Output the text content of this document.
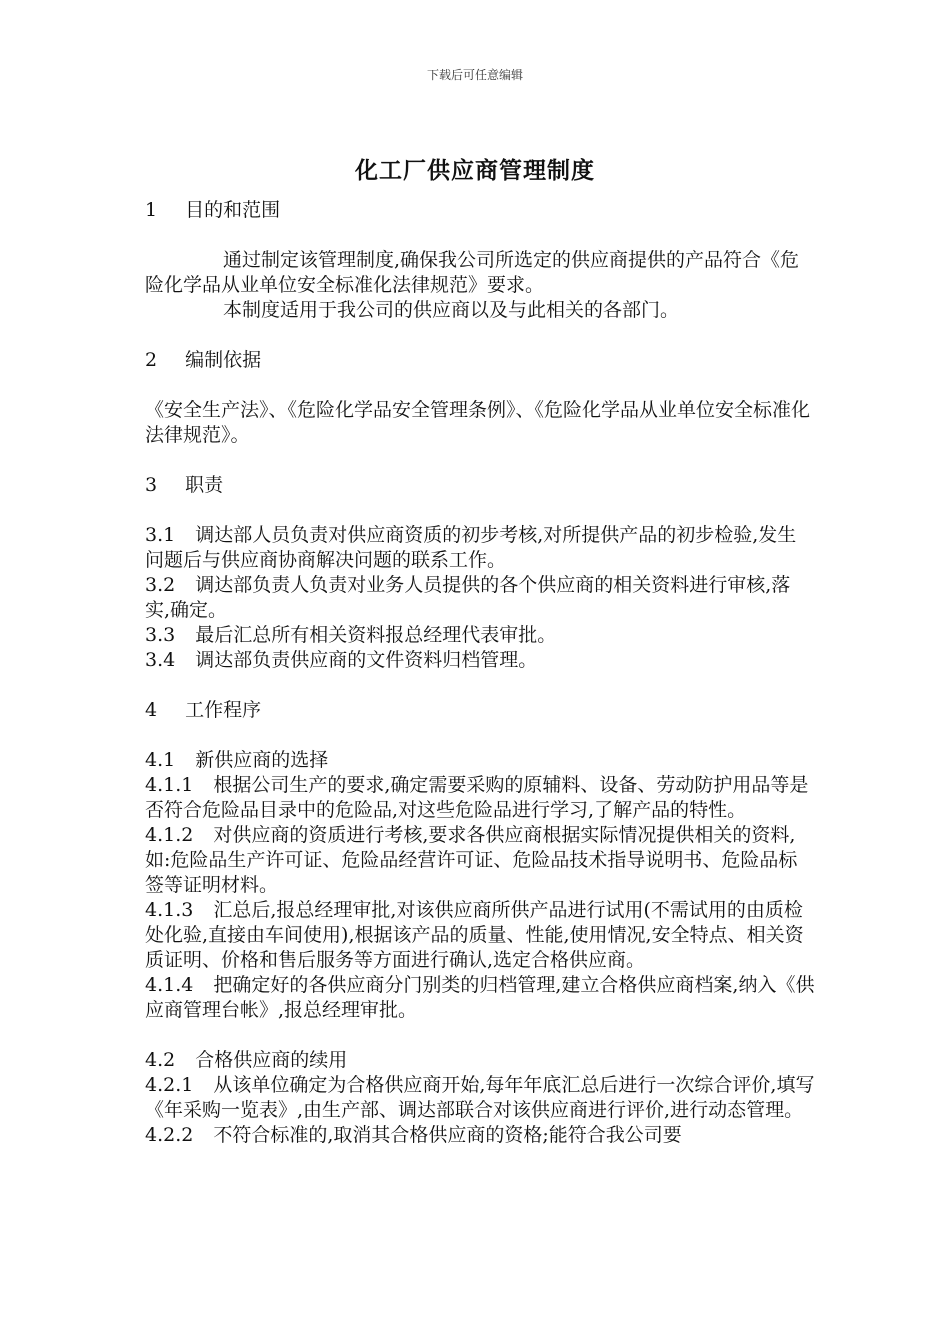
下载后可任意编辑
化工厂供应商管理制度

1 目的和范围

通过制定该管理制度,确保我公司所选定的供应商提供的产品符合《危险化学品从业单位安全标准化法律规范》要求。

本制度适用于我公司的供应商以及与此相关的各部门。

2 编制依据

《安全生产法》、《危险化学品安全管理条例》、《危险化学品从业单位安全标准化法律规范》。

3 职责

3.1 调达部人员负责对供应商资质的初步考核,对所提供产品的初步检验,发生问题后与供应商协商解决问题的联系工作。

3.2 调达部负责人负责对业务人员提供的各个供应商的相关资料进行审核,落实,确定。

3.3 最后汇总所有相关资料报总经理代表审批。

3.4 调达部负责供应商的文件资料归档管理。

4 工作程序

4.1 新供应商的选择

4.1.1 根据公司生产的要求,确定需要采购的原辅料、设备、劳动防护用品等是否符合危险品目录中的危险品,对这些危险品进行学习,了解产品的特性。

4.1.2 对供应商的资质进行考核,要求各供应商根据实际情况提供相关的资料,如:危险品生产许可证、危险品经营许可证、危险品技术指导说明书、危险品标签等证明材料。

4.1.3 汇总后,报总经理审批,对该供应商所供产品进行试用(不需试用的由质检处化验,直接由车间使用),根据该产品的质量、性能,使用情况,安全特点、相关资质证明、价格和售后服务等方面进行确认,选定合格供应商。

4.1.4 把确定好的各供应商分门别类的归档管理,建立合格供应商档案,纳入《供应商管理台帐》,报总经理审批。

4.2 合格供应商的续用

4.2.1 从该单位确定为合格供应商开始,每年年底汇总后进行一次综合评价,填写《年采购一览表》,由生产部、调达部联合对该供应商进行评价,进行动态管理。

4.2.2 不符合标准的,取消其合格供应商的资格;能符合我公司要
